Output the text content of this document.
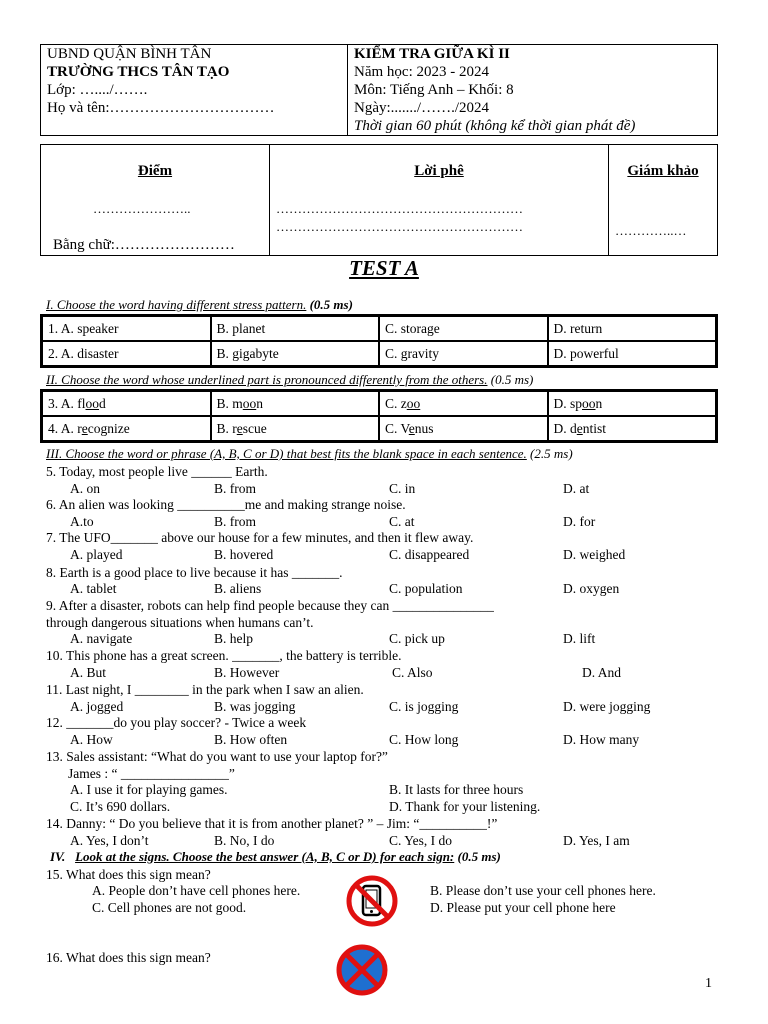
UBND QUẬN BÌNH TÂN
TRƯỜNG THCS TÂN TẠO
Lớp: …..../…….
Họ và tên:……………………………

KIỂM TRA GIỮA KÌ II
Năm học: 2023 - 2024
Môn: Tiếng Anh – Khối: 8
Ngày:......./……./2024
Thời gian 60 phút (không kể thời gian phát đề)
Điểm
…………………..
Bằng chữ:……………………

Lời phê
…………………………………………………
…………………………………………………

Giám khảo
…………..…
TEST A
I. Choose the word having different stress pattern. (0.5 ms)
1. A. speaker	B. planet	C. storage	D. return
2. A. disaster	B. gigabyte	C. gravity	D. powerful
II. Choose the word whose underlined part is pronounced differently from the others. (0.5 ms)
3. A. flood	B. moon	C. zoo	D. spoon
4. A. recognize	B. rescue	C. Venus	D. dentist
III. Choose the word or phrase (A, B, C or D) that best fits the blank space in each sentence. (2.5 ms)
5. Today, most people live ______ Earth.
A. on	B. from	C. in	D. at
6. An alien was looking __________me and making strange noise.
A.to	B. from	C. at	D. for
7. The UFO_______ above our house for a few minutes, and then it flew away.
A. played	B. hovered	C. disappeared	D. weighed
8. Earth is a good place to live because it has _______.
A. tablet	B. aliens	C. population	D. oxygen
9. After a disaster, robots can help find people because they can _______________
through dangerous situations when humans can’t.
A. navigate	B. help	C. pick up	D. lift
10. This phone has a great screen. _______, the battery is terrible.
A. But	B. However	C. Also	D. And
11. Last night, I ________ in the park when I saw an alien.
A. jogged	B. was jogging	C. is jogging	D. were jogging
12. _______do you play soccer? - Twice a week
A. How	B. How often	C. How long	D. How many
13. Sales assistant: “What do you want to use your laptop for?”
James : “ ________________”
A. I use it for playing games.	B. It lasts for three hours
C. It’s 690 dollars.	D. Thank for your listening.
14. Danny: “ Do you believe that it is from another planet? ” – Jim: “__________!”
A. Yes, I don’t	B. No, I do	C. Yes, I do	D. Yes, I am
IV. Look at the signs. Choose the best answer (A, B, C or D) for each sign: (0.5 ms)
15. What does this sign mean?
A. People don’t have cell phones here.	B. Please don’t use your cell phones here.
C. Cell phones are not good.	D. Please put your cell phone here
16. What does this sign mean?
1
